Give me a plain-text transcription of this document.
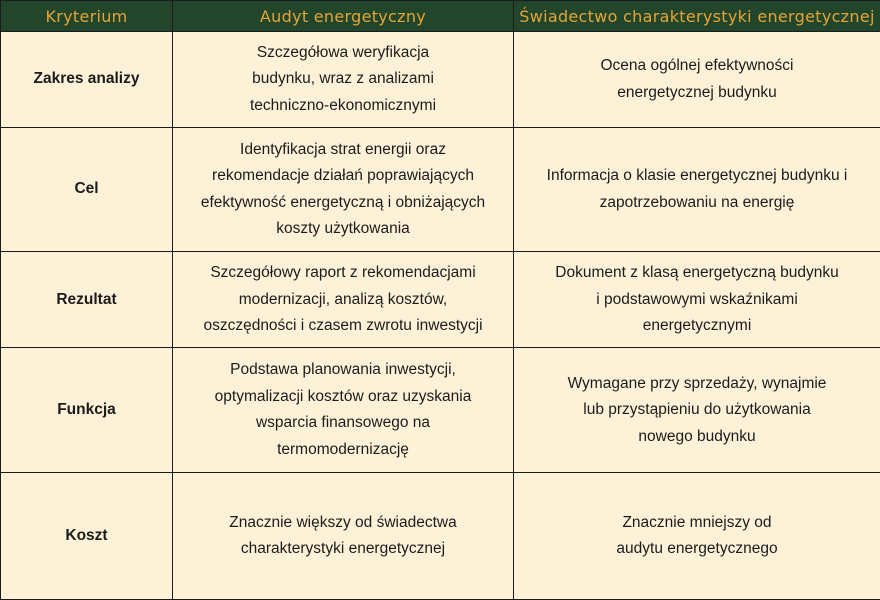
Kryterium	Audyt energetyczny	Świadectwo charakterystyki energetycznej
Zakres analizy	Szczegółowa weryfikacja
budynku, wraz z analizami
techniczno-ekonomicznymi	Ocena ogólnej efektywności
energetycznej budynku

Cel	Identyfikacja strat energii oraz
rekomendacje działań poprawiających
efektywność energetyczną i obniżających
koszty użytkowania	Informacja o klasie energetycznej budynku i
zapotrzebowaniu na energię

Rezultat	Szczegółowy raport z rekomendacjami
modernizacji, analizą kosztów,
oszczędności i czasem zwrotu inwestycji	Dokument z klasą energetyczną budynku
i podstawowymi wskaźnikami
energetycznymi

Funkcja	Podstawa planowania inwestycji,
optymalizacji kosztów oraz uzyskania
wsparcia finansowego na
termomodernizację	Wymagane przy sprzedaży, wynajmie
lub przystąpieniu do użytkowania
nowego budynku

Koszt	Znacznie większy od świadectwa
charakterystyki energetycznej	Znacznie mniejszy od
audytu energetycznego
